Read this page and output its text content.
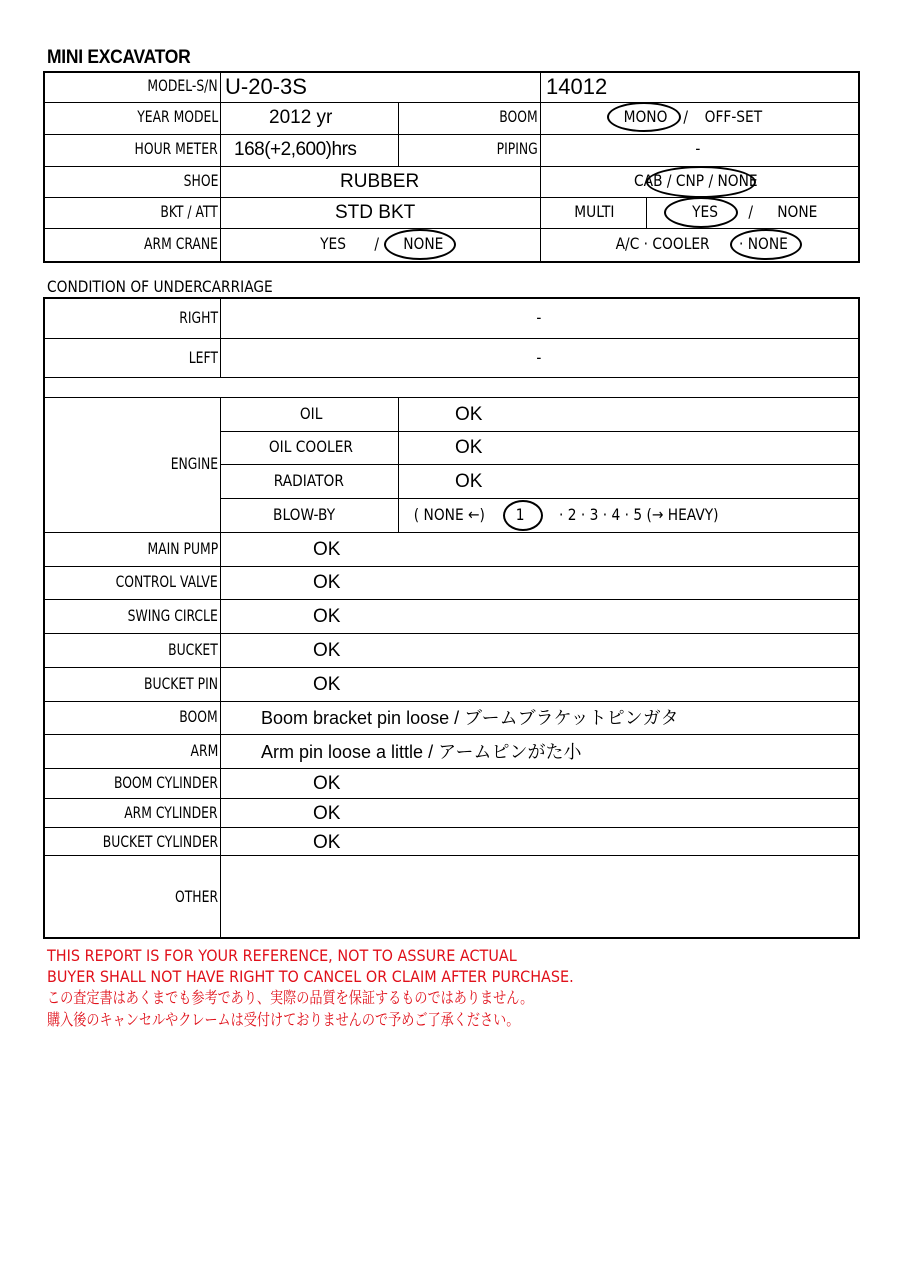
MINI EXCAVATOR
MODEL-S/N U-20-3S	14012
YEAR MODEL	2012 yr	BOOM	MONO / OFF-SET
HOUR METER 168(+2,600)hrs	PIPING	-
SHOE	RUBBER	CAB / CNP / NONE
BKT / ATT	STD BKT	MULTI	YES / NONE
ARM CRANE	YES / NONE	A/C · COOLER · NONE
CONDITION OF UNDERCARRIAGE
RIGHT	-
LEFT	-
ENGINE
OIL	OK
OIL COOLER	OK
RADIATOR	OK
BLOW-BY	( NONE ←) 1 · 2 · 3 · 4 · 5 (→ HEAVY)
MAIN PUMP	OK
CONTROL VALVE	OK
SWING CIRCLE	OK
BUCKET	OK
BUCKET PIN	OK
BOOM Boom bracket pin loose / ブームブラケットピンガタ
ARM Arm pin loose a little / アームピンがた小
BOOM CYLINDER	OK
ARM CYLINDER	OK
BUCKET CYLINDER	OK
OTHER
THIS REPORT IS FOR YOUR REFERENCE, NOT TO ASSURE ACTUAL
BUYER SHALL NOT HAVE RIGHT TO CANCEL OR CLAIM AFTER PURCHASE.
この査定書はあくまでも参考であり、実際の品質を保証するものではありません。
購入後のキャンセルやクレームは受付けておりませんので予めご了承ください。
